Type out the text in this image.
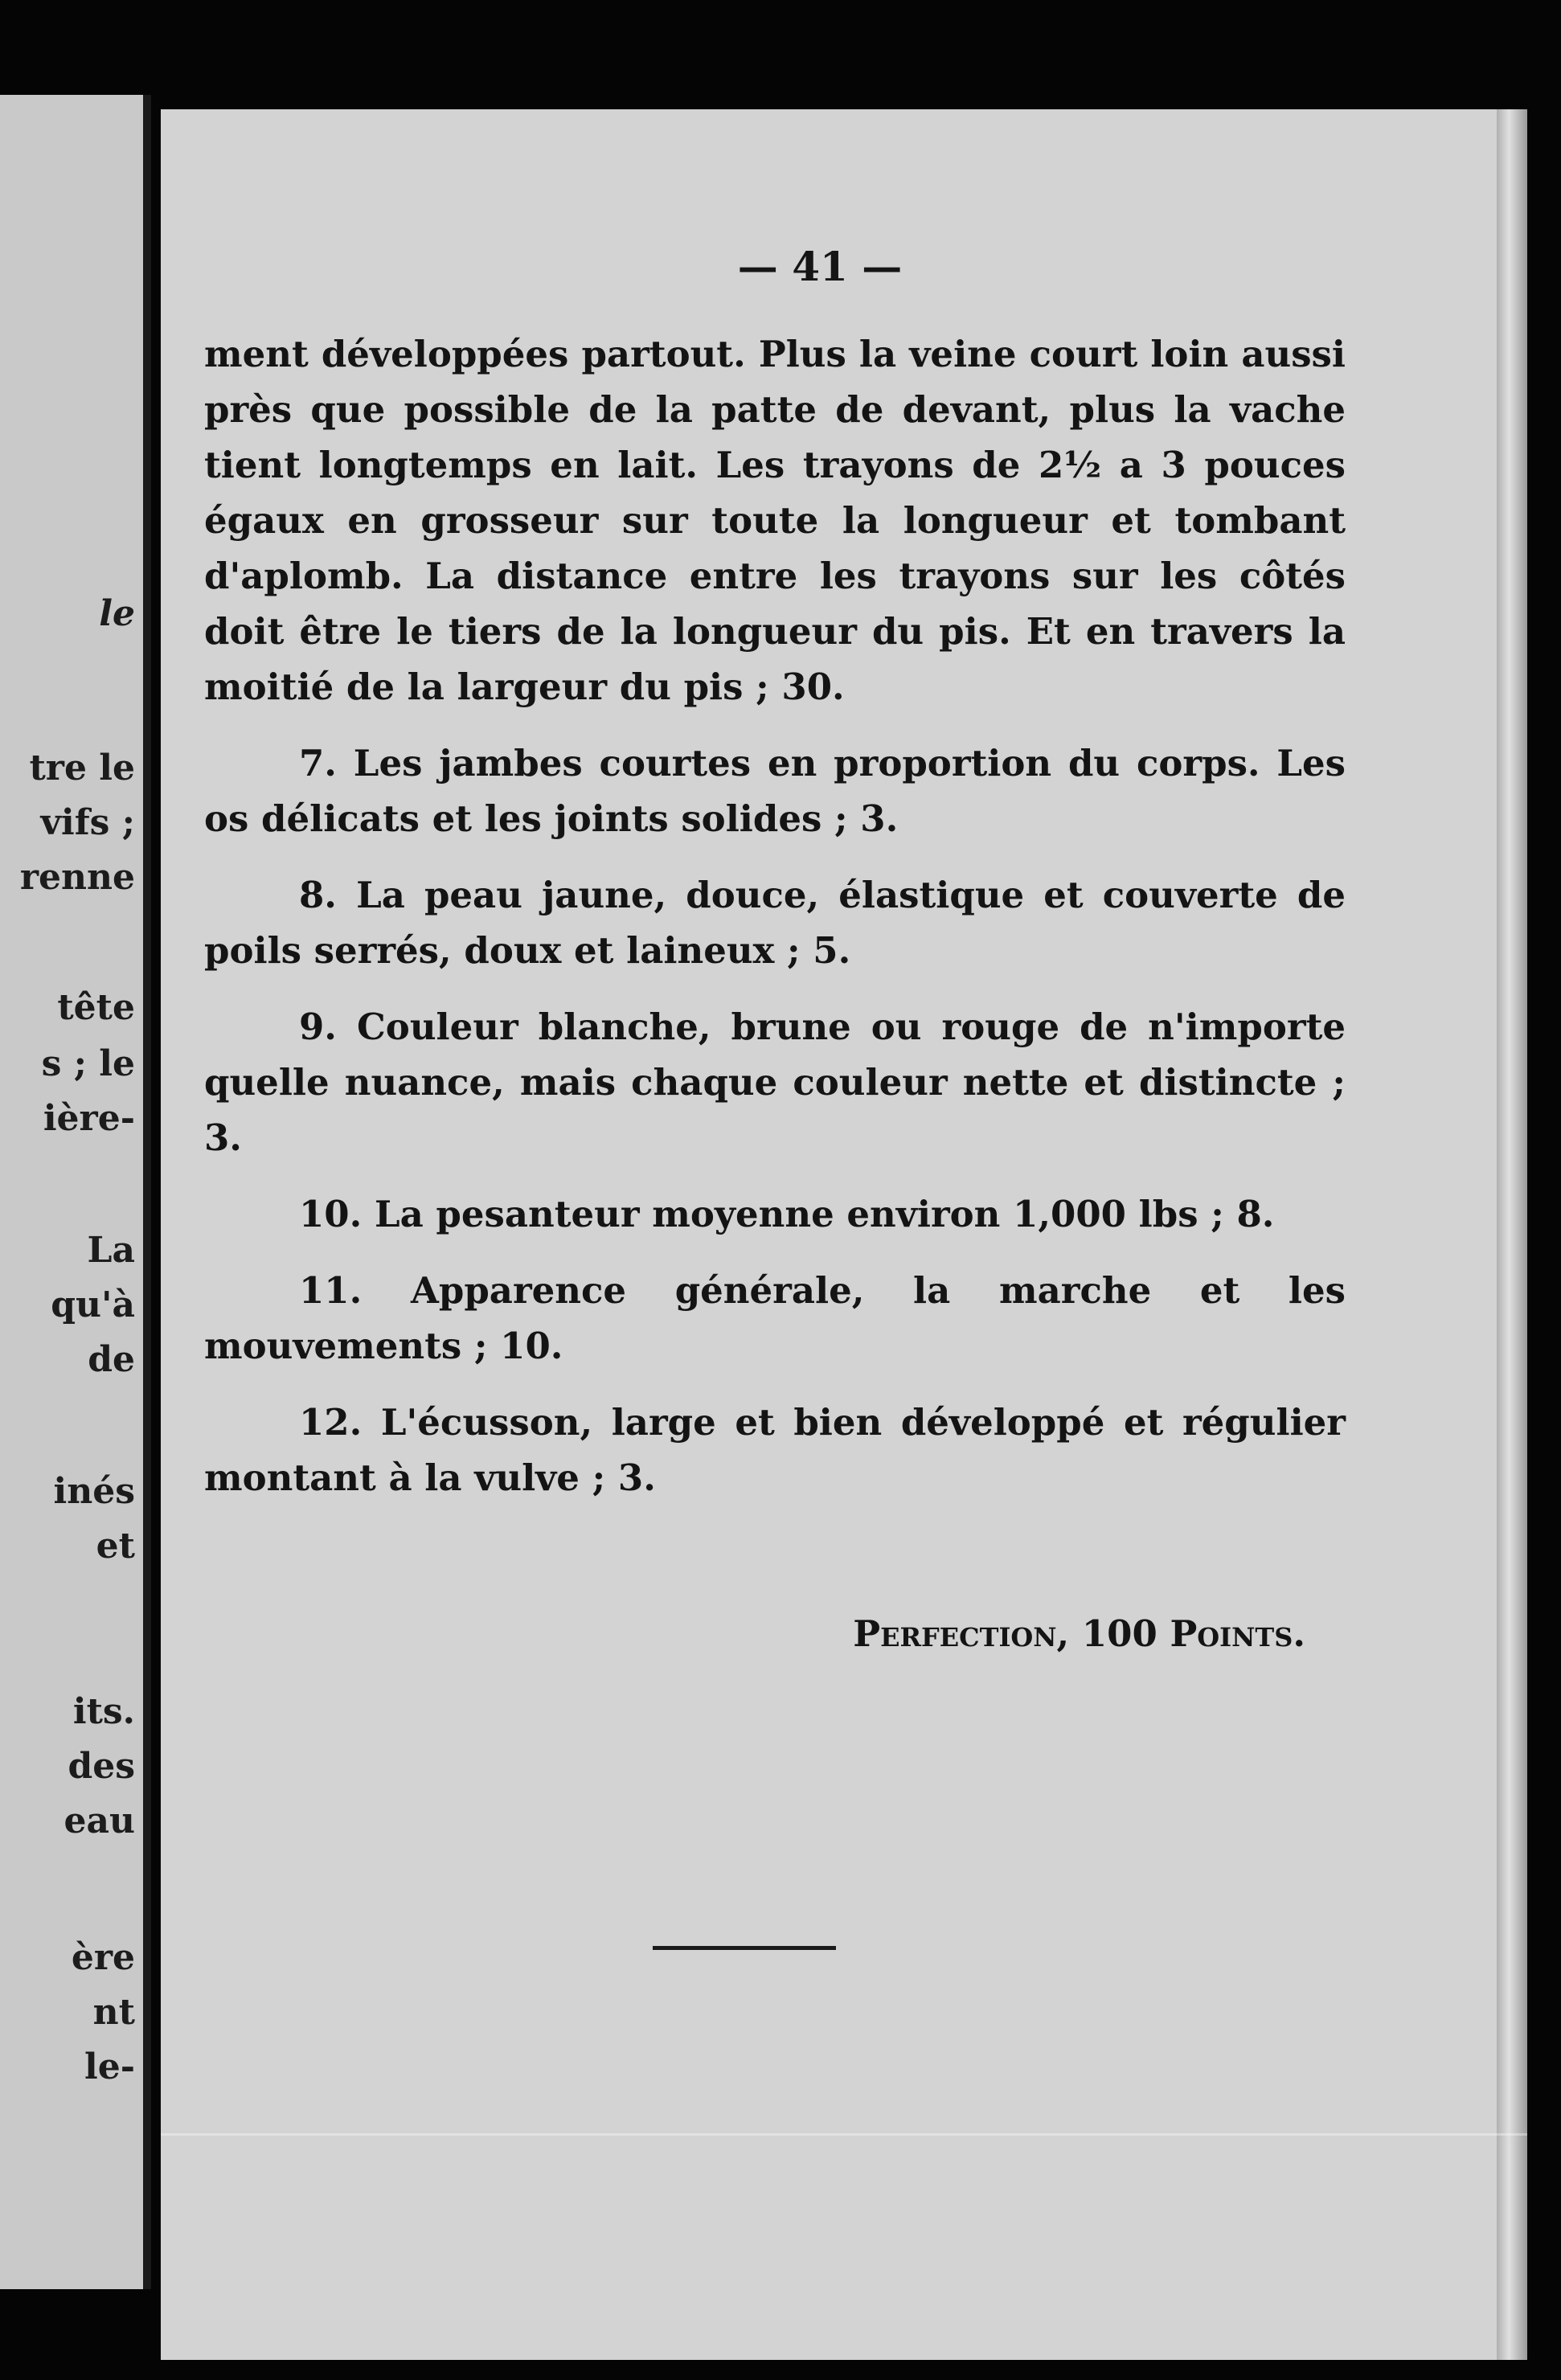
le
tre le
vifs ;
renne
tête
s ; le
ière-
La
qu'à
de
inés
et
its.
des
eau
ère
nt
le-
— 41 —

ment développées partout. Plus la veine court loin aussi près que possible de la patte de devant, plus la vache tient longtemps en lait. Les trayons de 2½ a 3 pouces égaux en grosseur sur toute la longueur et tombant d'aplomb. La distance entre les trayons sur les côtés doit être le tiers de la longueur du pis. Et en travers la moitié de la largeur du pis ; 30.

7. Les jambes courtes en proportion du corps. Les os délicats et les joints solides ; 3.

8. La peau jaune, douce, élastique et couverte de poils serrés, doux et laineux ; 5.

9. Couleur blanche, brune ou rouge de n'importe quelle nuance, mais chaque couleur nette et distincte ; 3.

10. La pesanteur moyenne environ 1,000 lbs ; 8.

11. Apparence générale, la marche et les mouvements ; 10.

12. L'écusson, large et bien développé et régulier montant à la vulve ; 3.

Perfection, 100 Points.
